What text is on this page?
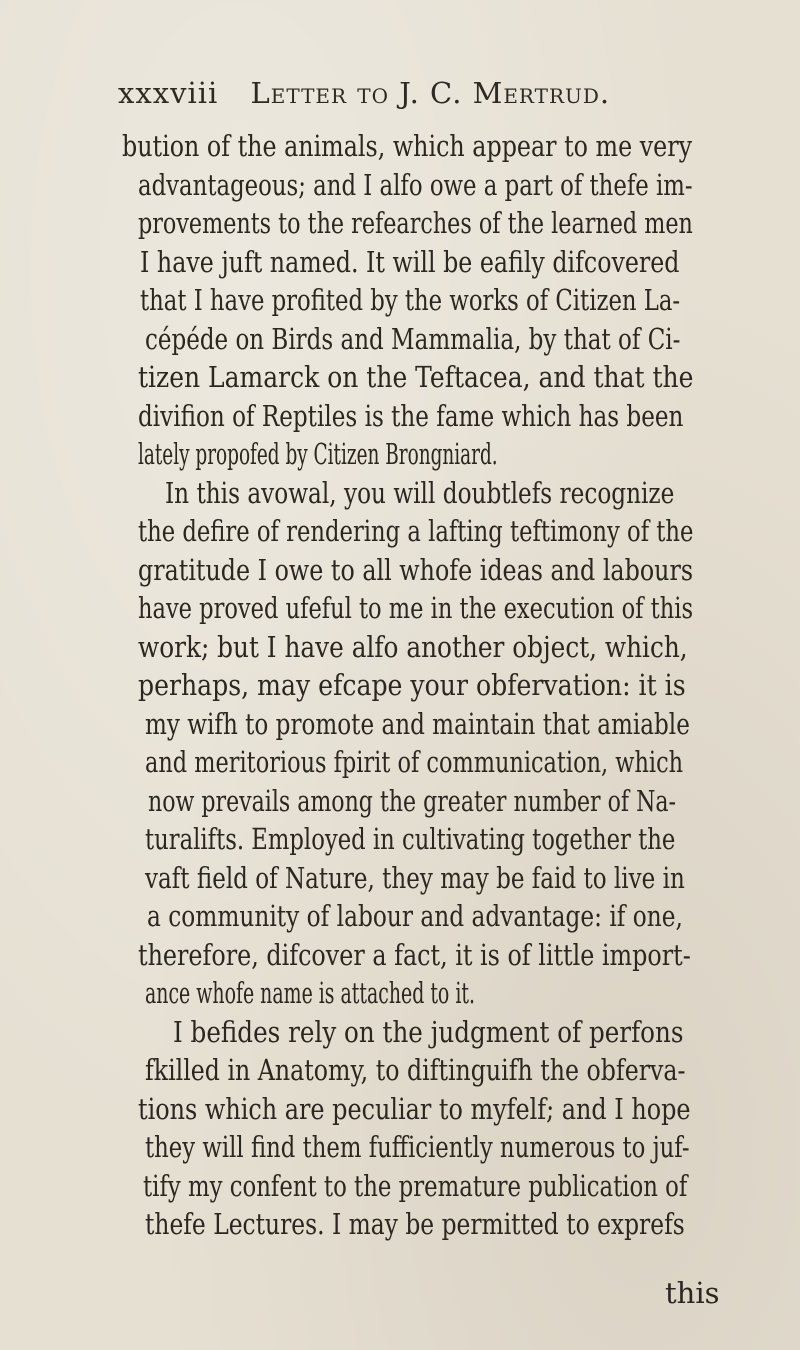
xxxviii Letter to J. C. Mertrud.
bution of the animals, which appear to me very
advantageous; and I alfo owe a part of thefe im-
provements to the refearches of the learned men
I have juft named. It will be eafily difcovered
that I have profited by the works of Citizen La-
cépéde on Birds and Mammalia, by that of Ci-
tizen Lamarck on the Teftacea, and that the
divifion of Reptiles is the fame which has been
lately propofed by Citizen Brongniard.
In this avowal, you will doubtlefs recognize
the defire of rendering a lafting teftimony of the
gratitude I owe to all whofe ideas and labours
have proved ufeful to me in the execution of this
work; but I have alfo another object, which,
perhaps, may efcape your obfervation: it is
my wifh to promote and maintain that amiable
and meritorious fpirit of communication, which
now prevails among the greater number of Na-
turalifts. Employed in cultivating together the
vaft field of Nature, they may be faid to live in
a community of labour and advantage: if one,
therefore, difcover a fact, it is of little import-
ance whofe name is attached to it.
I befides rely on the judgment of perfons
fkilled in Anatomy, to diftinguifh the obferva-
tions which are peculiar to myfelf; and I hope
they will find them fufficiently numerous to juf-
tify my confent to the premature publication of
thefe Lectures. I may be permitted to exprefs
this
